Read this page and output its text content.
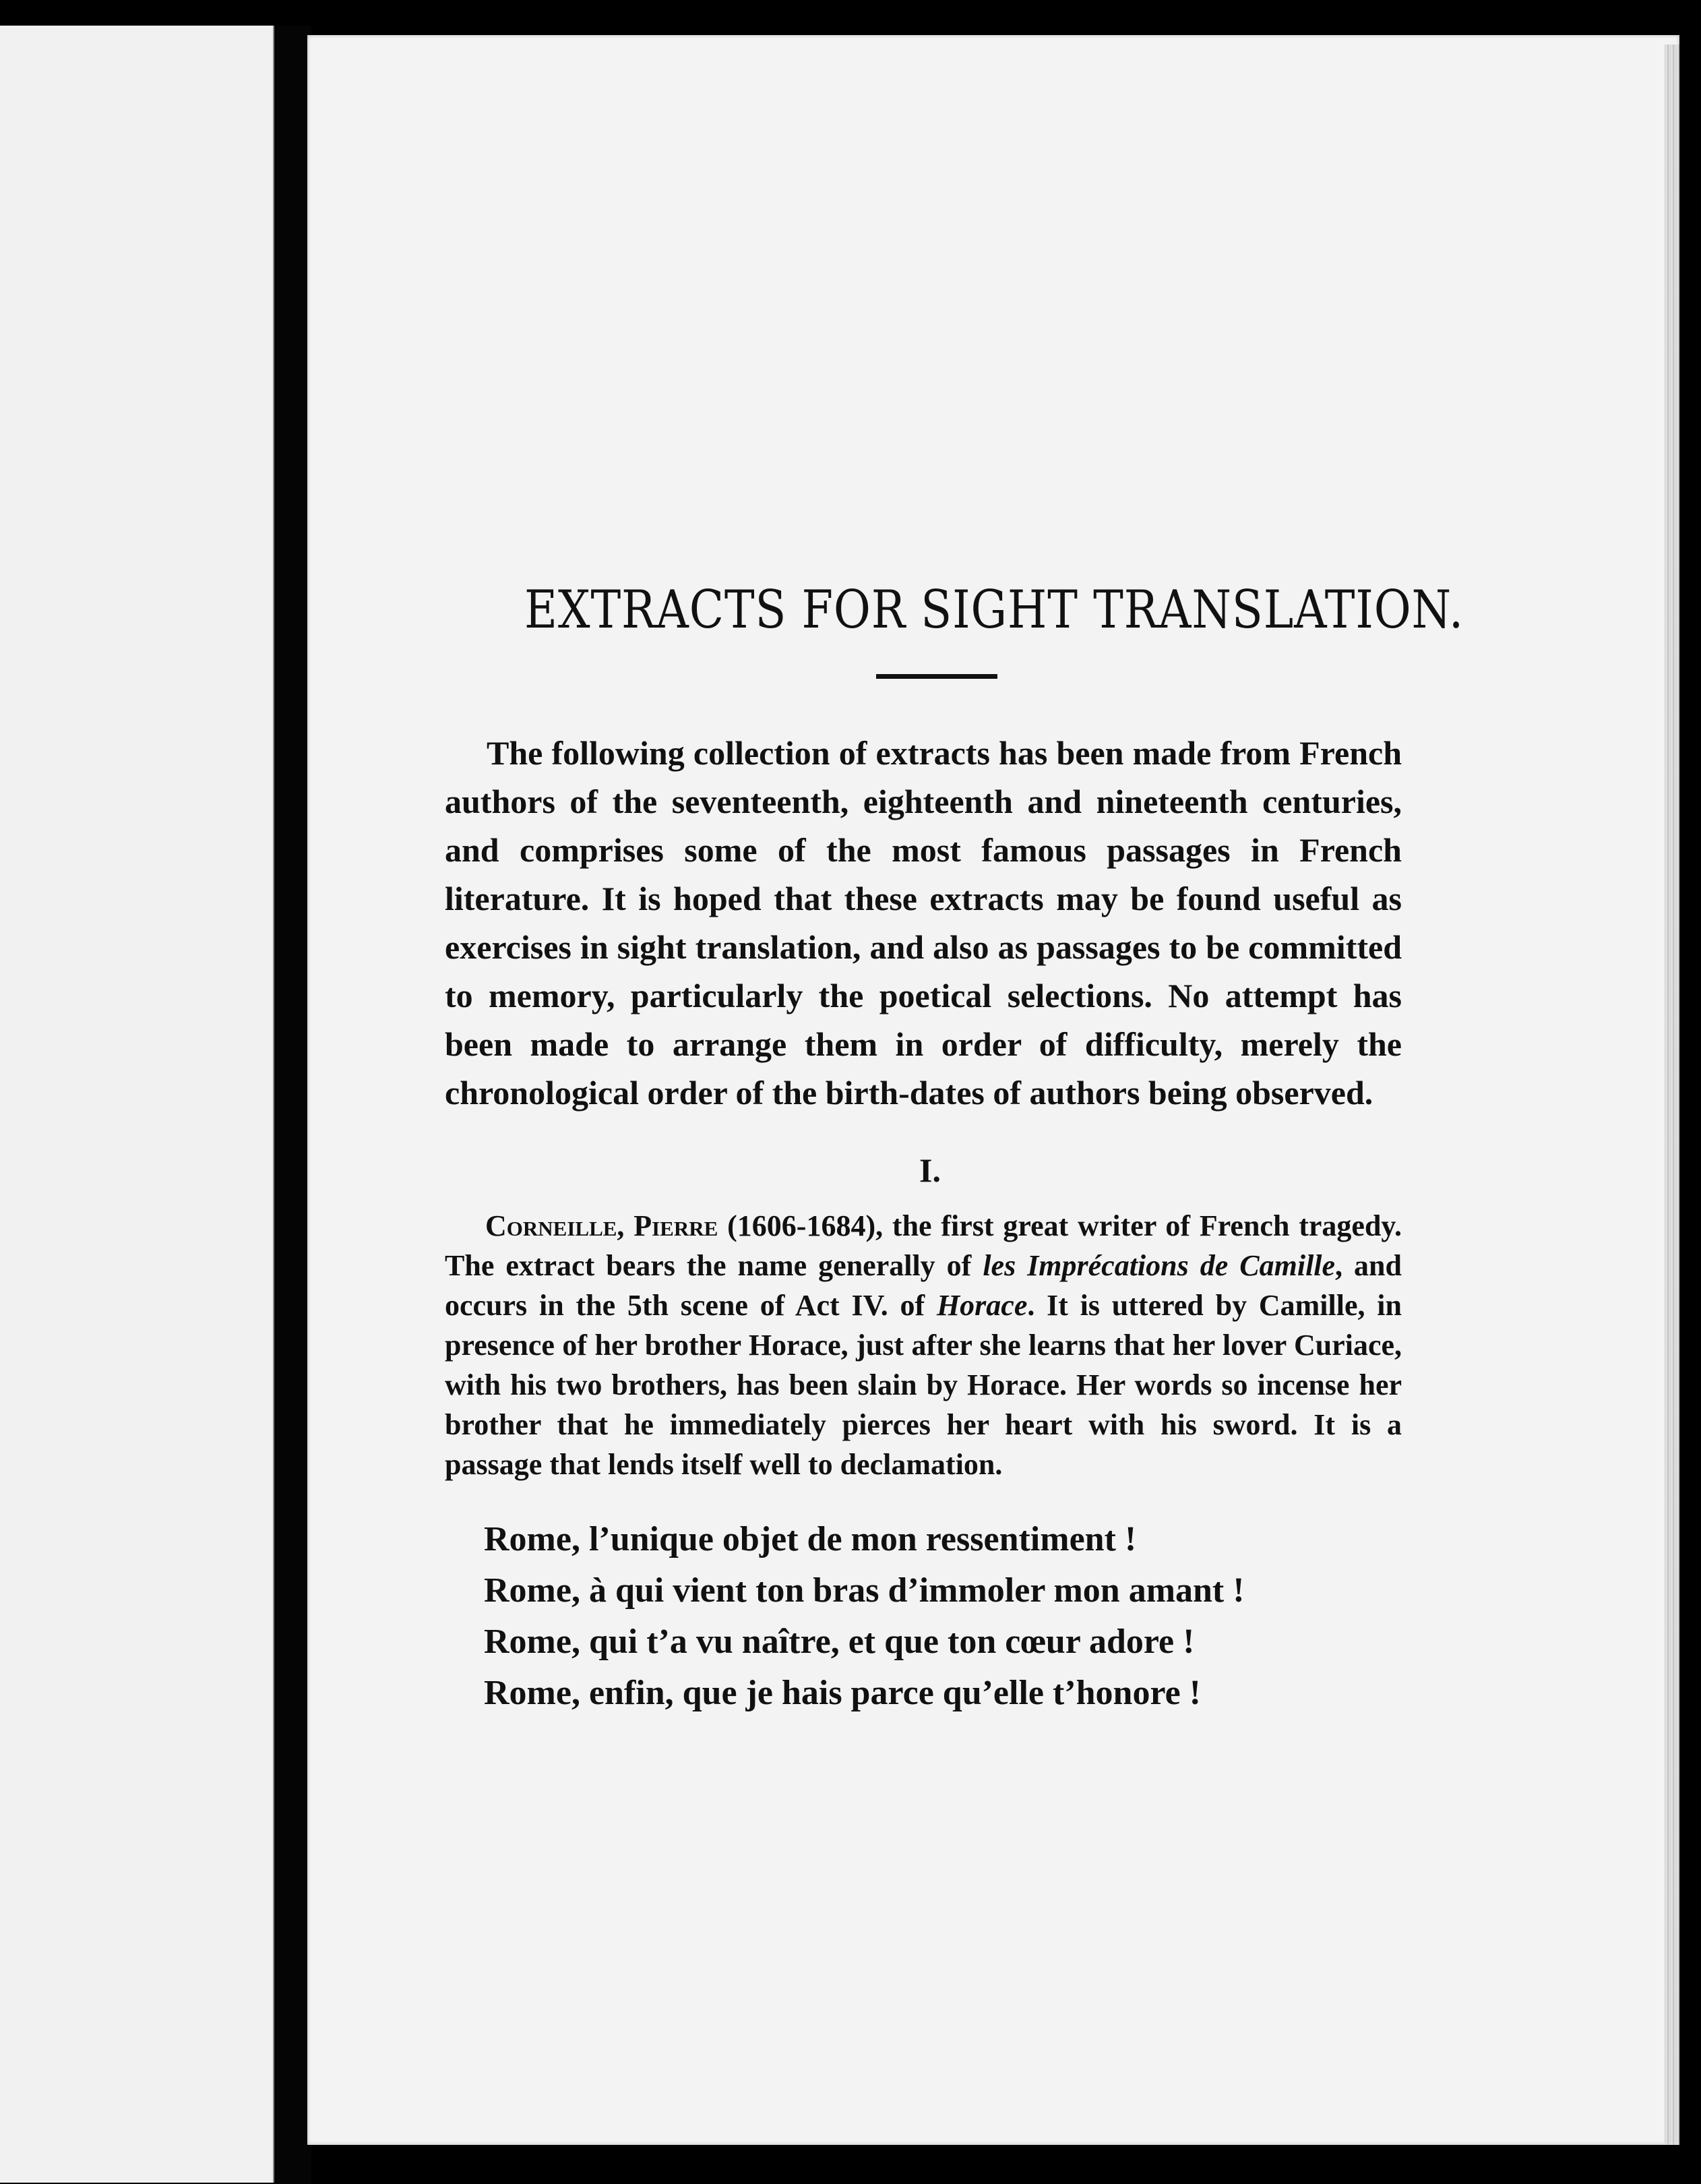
EXTRACTS FOR SIGHT TRANSLATION.

The following collection of extracts has been made from French authors of the seventeenth, eighteenth and nineteenth centuries, and comprises some of the most famous passages in French literature. It is hoped that these extracts may be found useful as exercises in sight translation, and also as passages to be committed to memory, particularly the poetical selections. No attempt has been made to arrange them in order of difficulty, merely the chronological order of the birth-dates of authors being observed.

I.

Corneille, Pierre (1606-1684), the first great writer of French tragedy. The extract bears the name generally of les Imprécations de Camille, and occurs in the 5th scene of Act IV. of Horace. It is uttered by Camille, in presence of her brother Horace, just after she learns that her lover Curiace, with his two brothers, has been slain by Horace. Her words so incense her brother that he immediately pierces her heart with his sword. It is a passage that lends itself well to declamation.

Rome, l’unique objet de mon ressentiment !
Rome, à qui vient ton bras d’immoler mon amant !
Rome, qui t’a vu naître, et que ton cœur adore !
Rome, enfin, que je hais parce qu’elle t’honore !
